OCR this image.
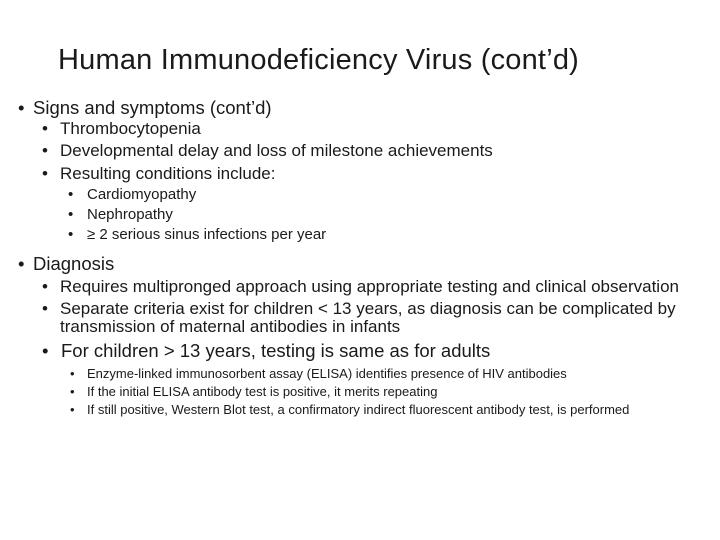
Human Immunodeficiency Virus (cont’d)
• Signs and symptoms (cont’d)
• Thrombocytopenia
• Developmental delay and loss of milestone achievements
• Resulting conditions include:
• Cardiomyopathy
• Nephropathy
• ≥ 2 serious sinus infections per year
• Diagnosis
• Requires multipronged approach using appropriate testing and clinical observation
• Separate criteria exist for children < 13 years, as diagnosis can be complicated by transmission of maternal antibodies in infants
• For children > 13 years, testing is same as for adults
• Enzyme-linked immunosorbent assay (ELISA) identifies presence of HIV antibodies
• If the initial ELISA antibody test is positive, it merits repeating
• If still positive, Western Blot test, a confirmatory indirect fluorescent antibody test, is performed
